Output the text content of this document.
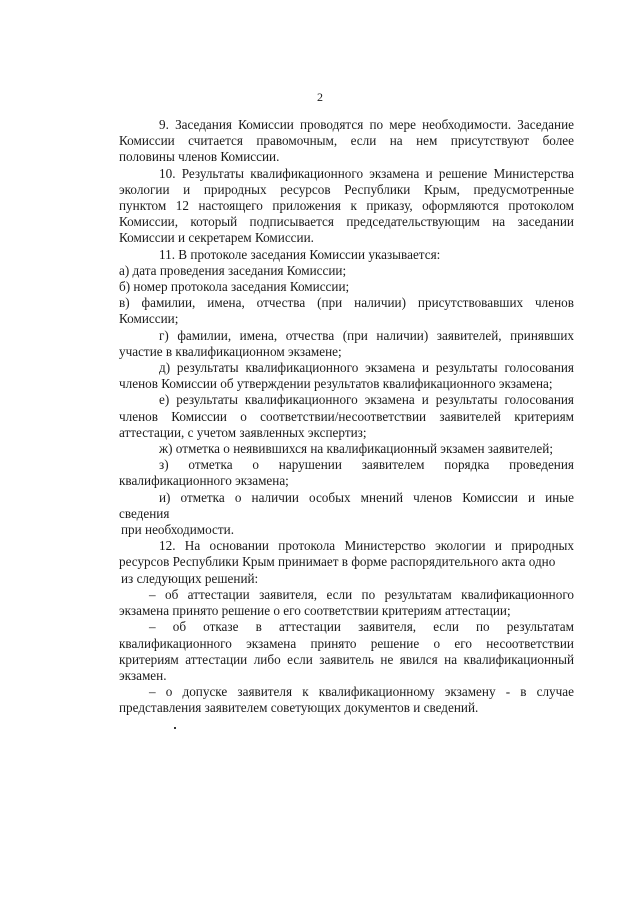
2
9. Заседания Комиссии проводятся по мере необходимости. Заседание
Комиссии считается правомочным, если на нем присутствуют более
половины членов Комиссии.
10. Результаты квалификационного экзамена и решение Министерства
экологии и природных ресурсов Республики Крым, предусмотренные
пунктом 12 настоящего приложения к приказу, оформляются протоколом
Комиссии, который подписывается председательствующим на заседании
Комиссии и секретарем Комиссии.
11. В протоколе заседания Комиссии указывается:
а) дата проведения заседания Комиссии;
б) номер протокола заседания Комиссии;
в) фамилии, имена, отчества (при наличии) присутствовавших членов
Комиссии;
г) фамилии, имена, отчества (при наличии) заявителей, принявших
участие в квалификационном экзамене;
д) результаты квалификационного экзамена и результаты голосования
членов Комиссии об утверждении результатов квалификационного экзамена;
е) результаты квалификационного экзамена и результаты голосования
членов Комиссии о соответствии/несоответствии заявителей критериям
аттестации, с учетом заявленных экспертиз;
ж) отметка о неявившихся на квалификационный экзамен заявителей;
з) отметка о нарушении заявителем порядка проведения
квалификационного экзамена;
и) отметка о наличии особых мнений членов Комиссии и иные
сведения
при необходимости.
12. На основании протокола Министерство экологии и природных
ресурсов Республики Крым принимает в форме распорядительного акта одно
из следующих решений:
– об аттестации заявителя, если по результатам квалификационного
экзамена принято решение о его соответствии критериям аттестации;
– об отказе в аттестации заявителя, если по результатам
квалификационного экзамена принято решение о его несоответствии
критериям аттестации либо если заявитель не явился на квалификационный
экзамен.
– о допуске заявителя к квалификационному экзамену - в случае
представления заявителем советующих документов и сведений.
